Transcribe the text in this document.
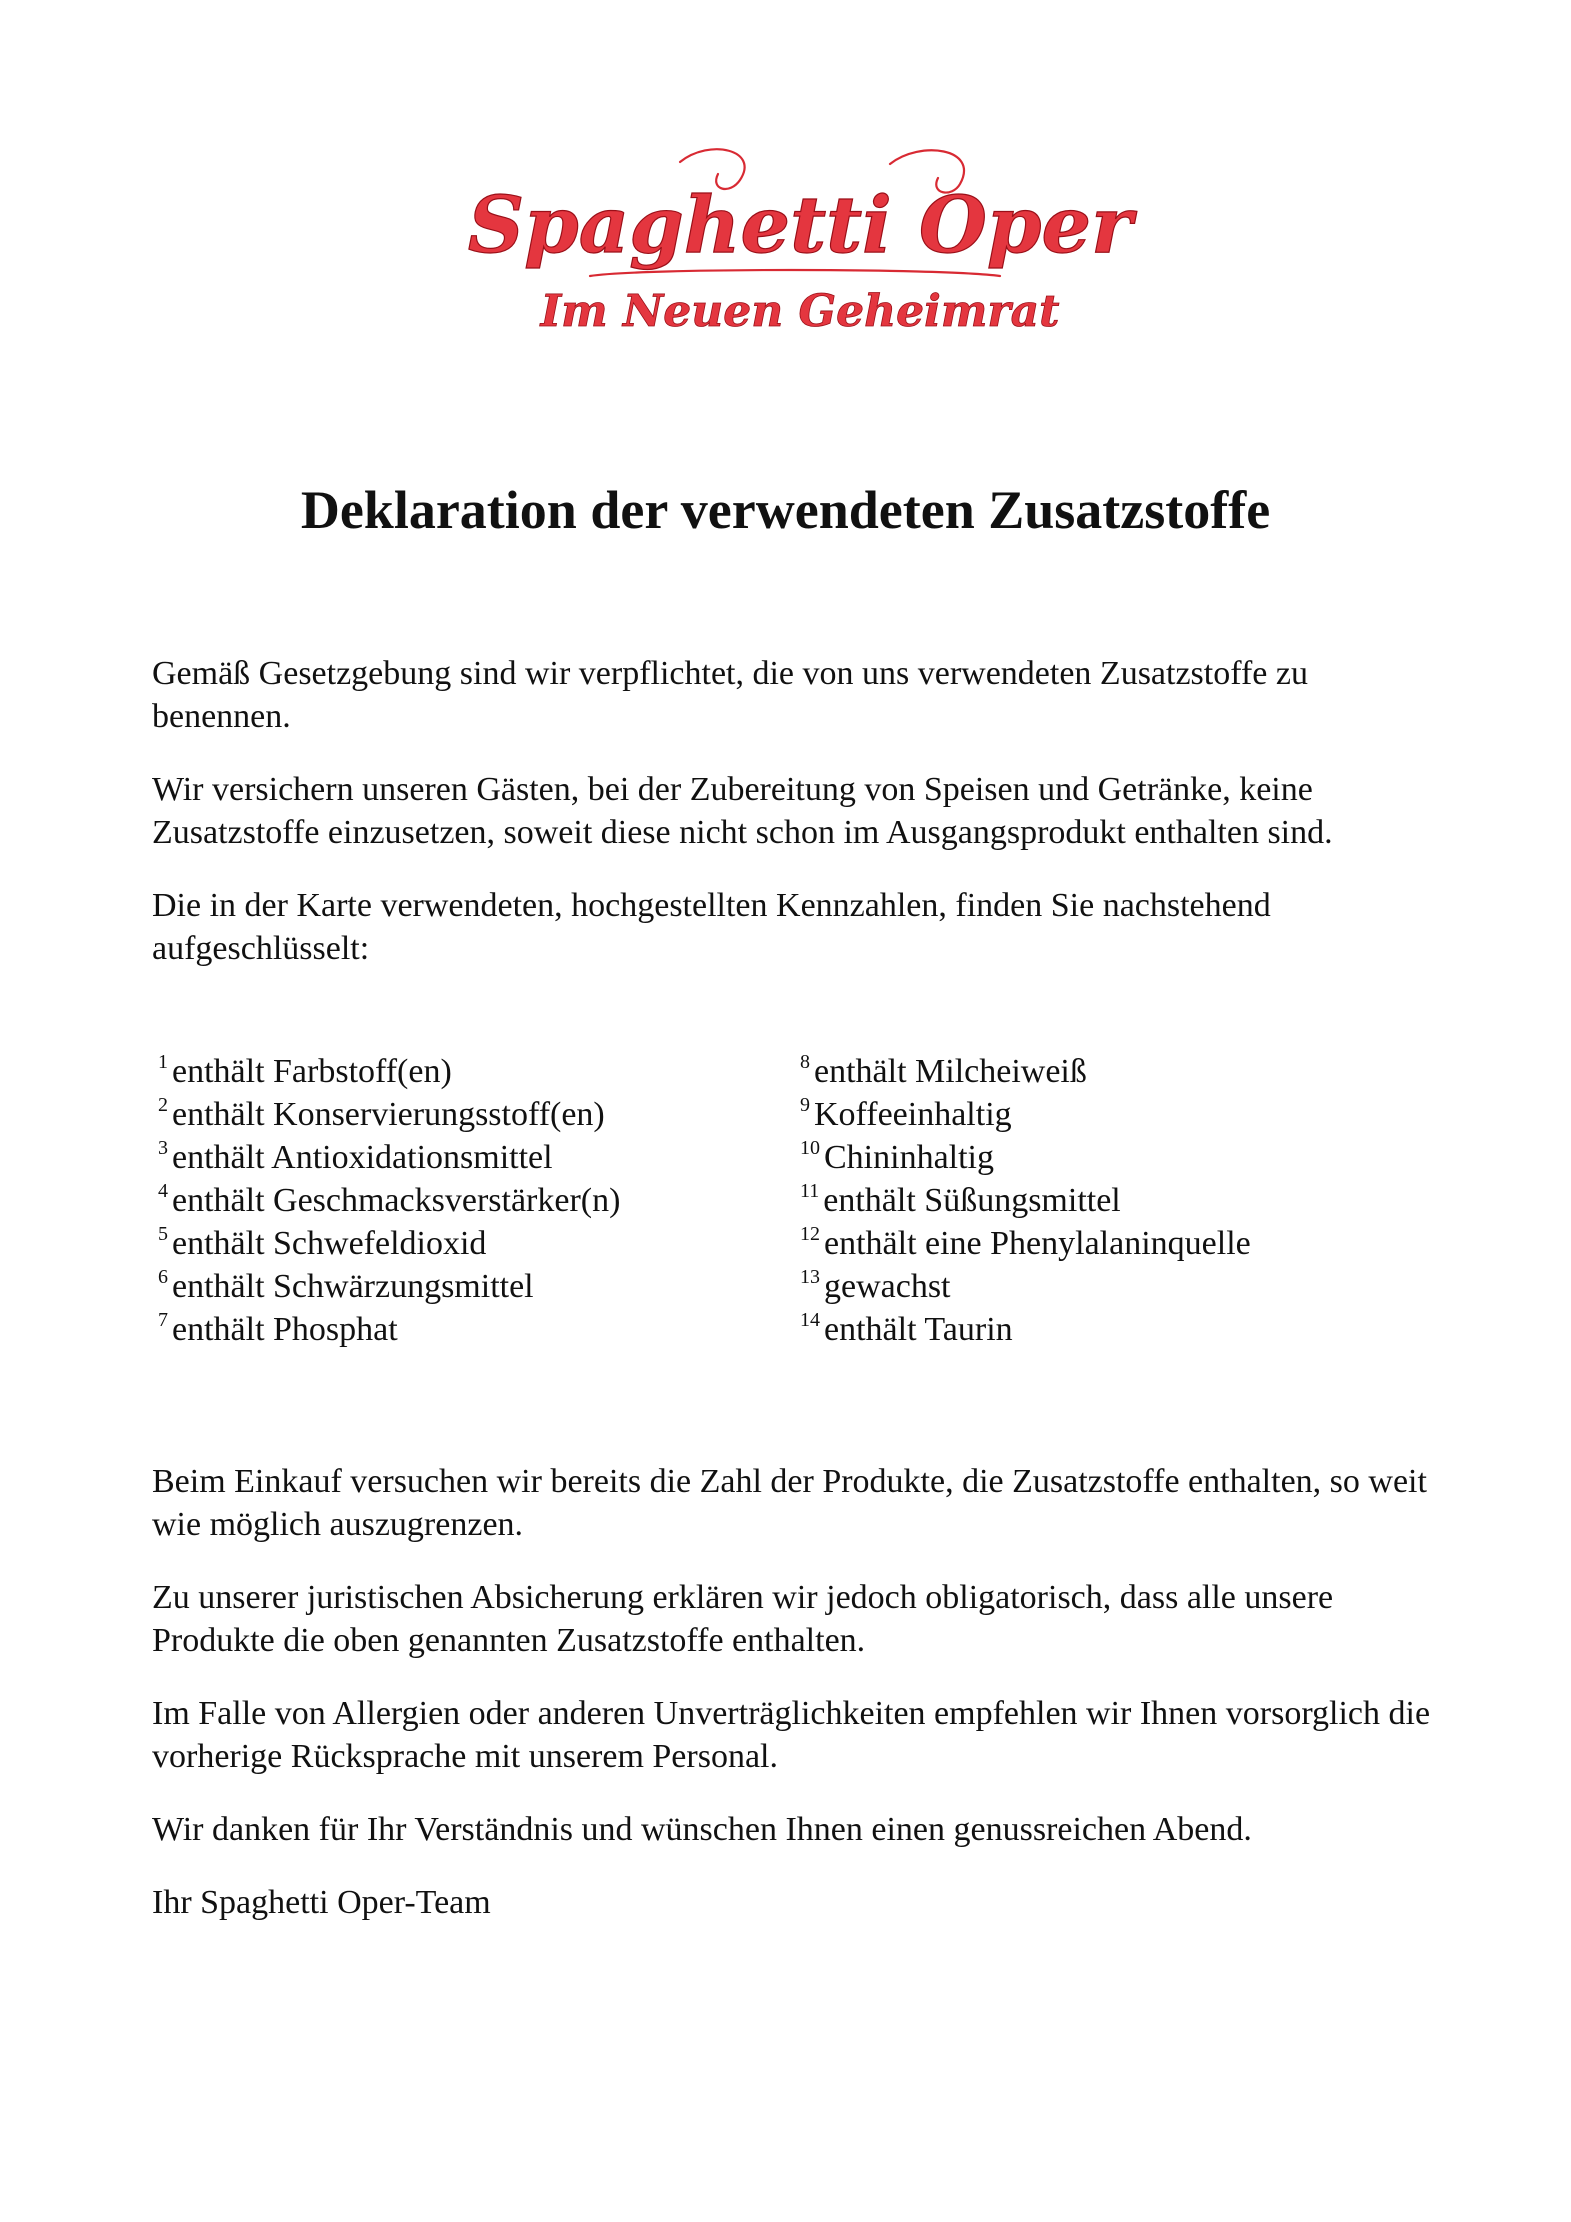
Spaghetti Oper
Im Neuen Geheimrat
Deklaration der verwendeten Zusatzstoffe

Gemäß Gesetzgebung sind wir verpflichtet, die von uns verwendeten Zusatzstoffe zu benennen.

Wir versichern unseren Gästen, bei der Zubereitung von Speisen und Getränke, keine Zusatzstoffe einzusetzen, soweit diese nicht schon im Ausgangsprodukt enthalten sind.

Die in der Karte verwendeten, hochgestellten Kennzahlen, finden Sie nachstehend aufgeschlüsselt:

$^1$ enthält Farbstoff(en)
$^2$ enthält Konservierungsstoff(en)
$^3$ enthält Antioxidationsmittel
$^4$ enthält Geschmacksverstärker(n)
$^5$ enthält Schwefeldioxid
$^6$ enthält Schwärzungsmittel
$^7$ enthält Phosphat
$^8$ enthält Milcheiweiß
$^9$ Koffeeinhaltig
$^{10}$ Chininhaltig
$^{11}$ enthält Süßungsmittel
$^{12}$ enthält eine Phenylalaninquelle
$^{13}$ gewachst
$^{14}$ enthält Taurin

Beim Einkauf versuchen wir bereits die Zahl der Produkte, die Zusatzstoffe enthalten, so weit wie möglich auszugrenzen.

Zu unserer juristischen Absicherung erklären wir jedoch obligatorisch, dass alle unsere Produkte die oben genannten Zusatzstoffe enthalten.

Im Falle von Allergien oder anderen Unverträglichkeiten empfehlen wir Ihnen vorsorglich die vorherige Rücksprache mit unserem Personal.

Wir danken für Ihr Verständnis und wünschen Ihnen einen genussreichen Abend.

Ihr Spaghetti Oper-Team
